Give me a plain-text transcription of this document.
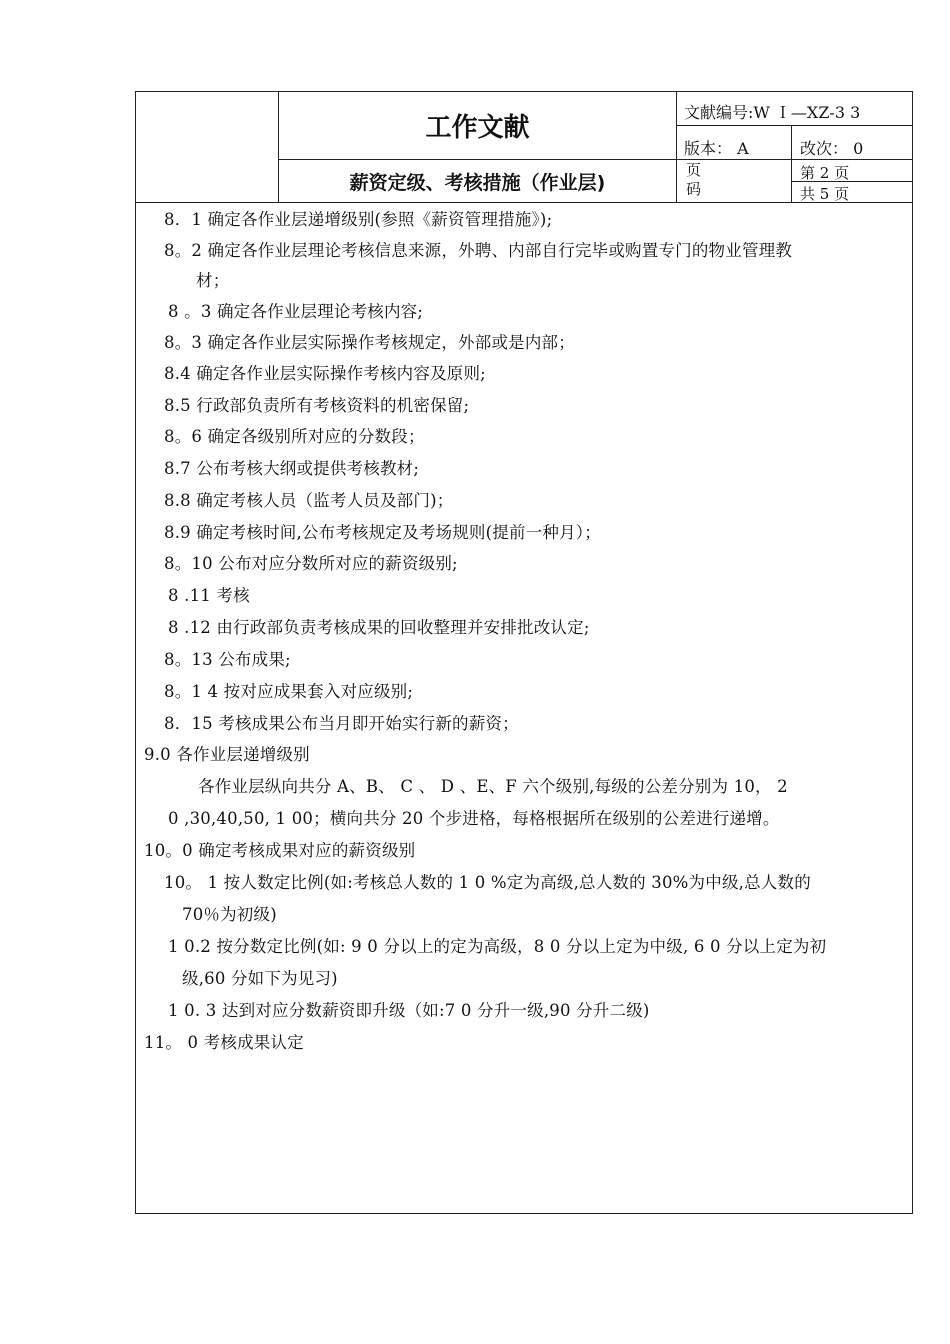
工作文献
薪资定级、考核措施（作业层)
文献编号:W Ｉ—XZ-3 3
版本： A	改次： 0
页
码
第 2 页
共 5 页
8．1 确定各作业层递增级别(参照《薪资管理措施》);
8。2 确定各作业层理论考核信息来源，外聘、内部自行完毕或购置专门的物业管理教
材；
8 。3 确定各作业层理论考核内容;
8。3 确定各作业层实际操作考核规定，外部或是内部；
8.4 确定各作业层实际操作考核内容及原则;
8.5 行政部负责所有考核资料的机密保留;
8。6 确定各级别所对应的分数段；
8.7 公布考核大纲或提供考核教材;
8.8 确定考核人员（监考人员及部门)；
8.9 确定考核时间,公布考核规定及考场规则(提前一种月）；
8。10 公布对应分数所对应的薪资级别;
8 .11 考核
8 .12 由行政部负责考核成果的回收整理并安排批改认定;
8。13 公布成果;
8。1 4 按对应成果套入对应级别;
8．15 考核成果公布当月即开始实行新的薪资；
9.0 各作业层递增级别
各作业层纵向共分 A、B、 C 、 D 、E、F 六个级别,每级的公差分别为 10， 2
0 ,30,40,50, 1 00；横向共分 20 个步进格，每格根据所在级别的公差进行递增。
10。0 确定考核成果对应的薪资级别
10。 1 按人数定比例(如:考核总人数的 1 0 %定为高级,总人数的 30%为中级,总人数的
70％为初级)
1 0.2 按分数定比例(如: 9 0 分以上的定为高级，8 0 分以上定为中级, 6 0 分以上定为初
级,60 分如下为见习)
1 0. 3 达到对应分数薪资即升级（如:7 0 分升一级,90 分升二级)
11。 0 考核成果认定
